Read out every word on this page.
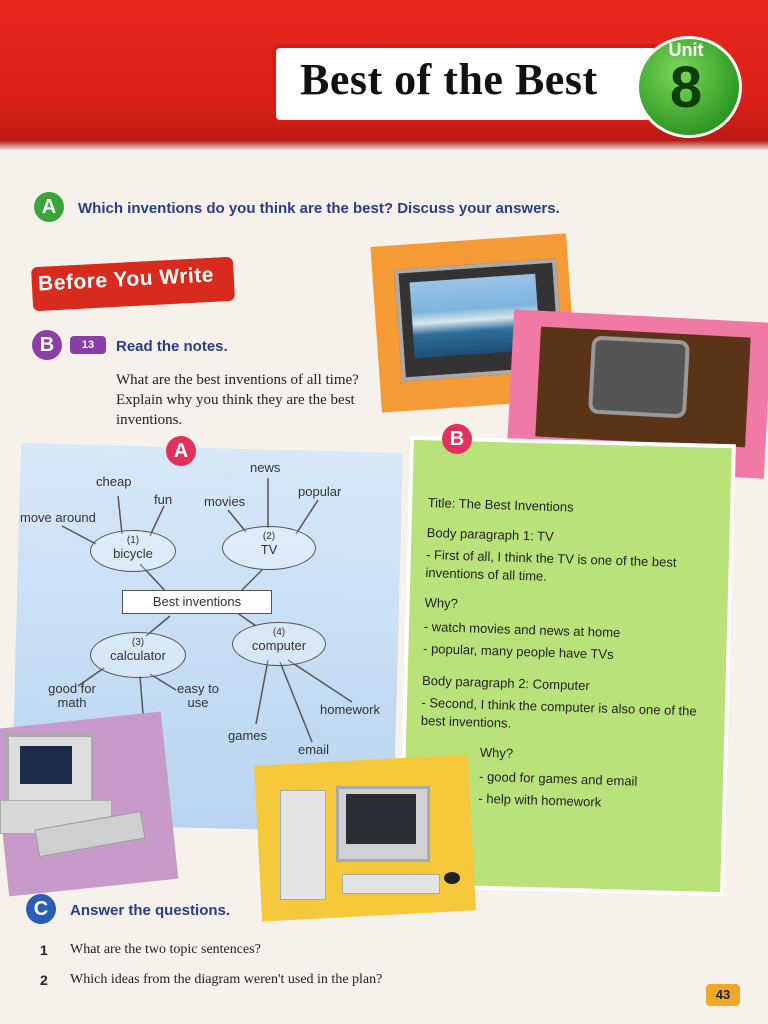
Best of the Best
Unit
8
A	Which inventions do you think are the best? Discuss your answers.
Before You Write
B	13	Read the notes.
What are the best inventions of all time? Explain why you think they are the best inventions.
A
cheap
move around
fun
news
movies
popular
(1)
bicycle
(2)
TV
Best inventions
(3)
calculator
(4)
computer
good for math
easy to use
games
homework
email
B

Title: The Best Inventions

Body paragraph 1: TV

- First of all, I think the TV is one of the best inventions of all time.

Why?

- watch movies and news at home

- popular, many people have TVs

Body paragraph 2: Computer

- Second, I think the computer is also one of the best inventions.

Why?

- good for games and email

- help with homework

C	Answer the questions.
1 What are the two topic sentences?
2 Which ideas from the diagram weren't used in the plan?
43
